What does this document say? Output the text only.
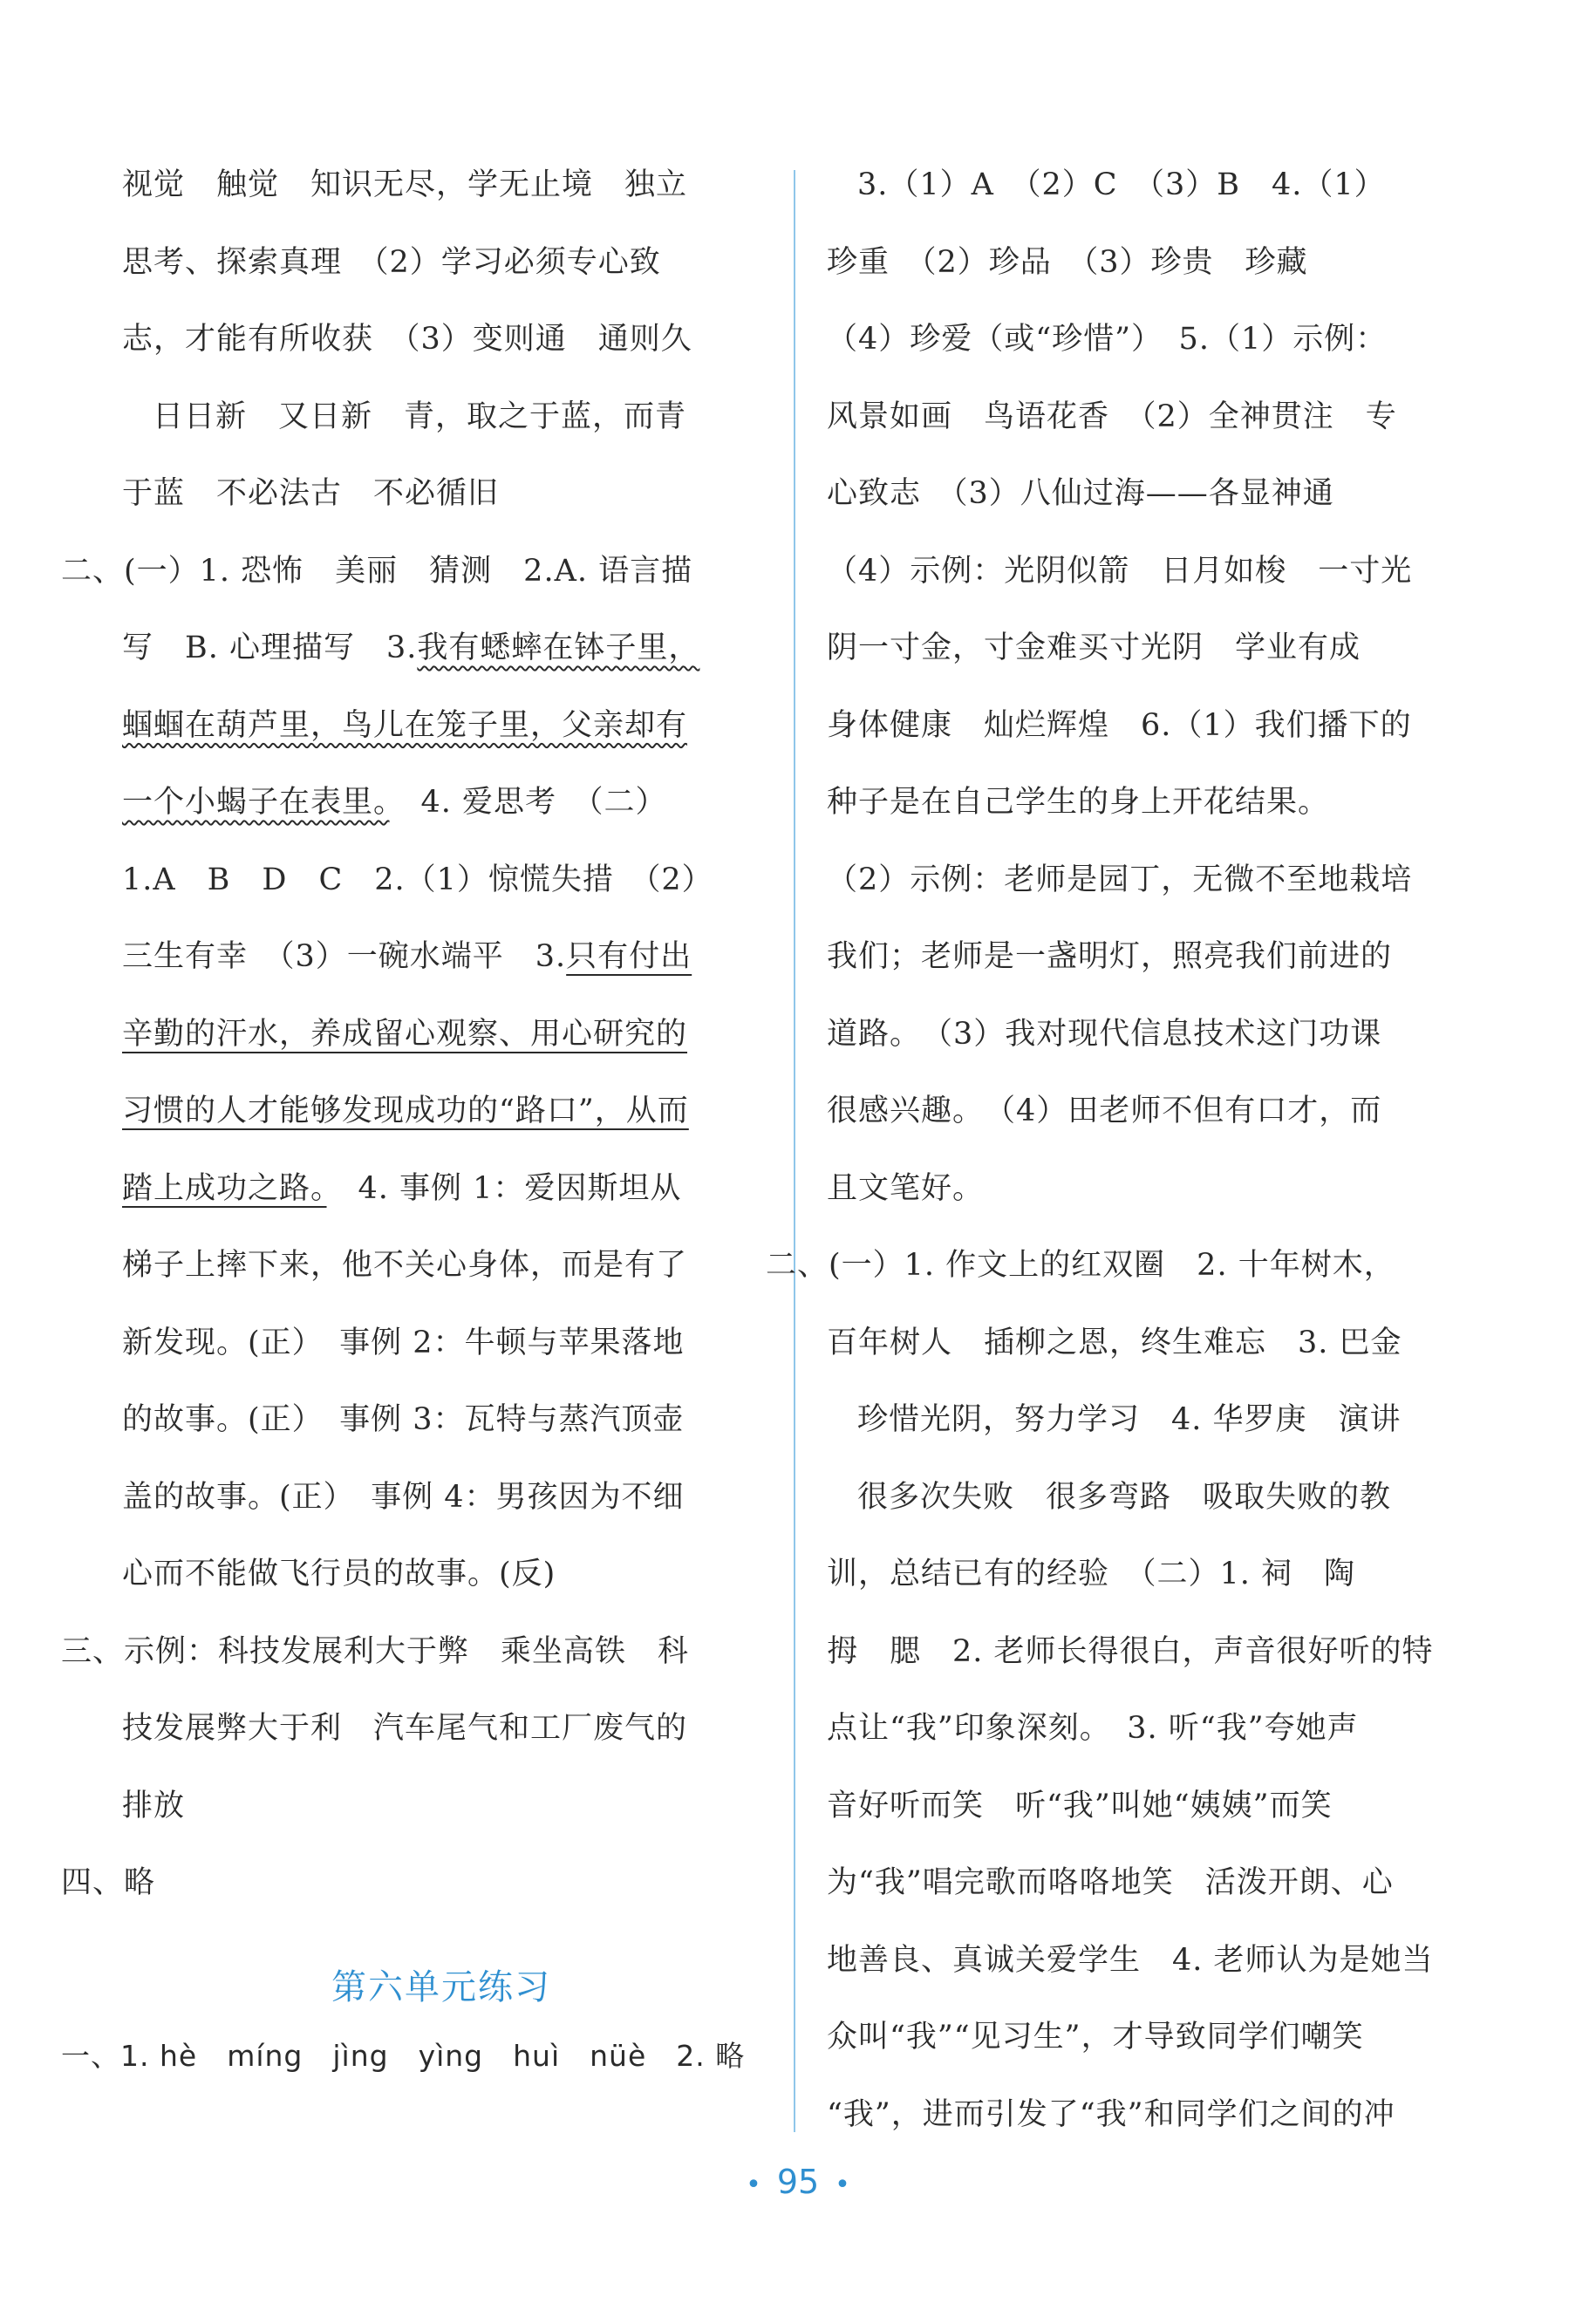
视觉　触觉　知识无尽，学无止境　独立
思考、探索真理　（2）学习必须专心致
志，才能有所收获　（3）变则通　通则久
日日新　又日新　青，取之于蓝，而青
于蓝　不必法古　不必循旧
二、(一）1. 恐怖　美丽　猜测　2.A. 语言描
写　B. 心理描写　3.我有蟋蟀在钵子里，
蝈蝈在葫芦里，鸟儿在笼子里，父亲却有
一个小蝎子在表里。　4. 爱思考　（二）
1.A　B　D　C　2.（1）惊慌失措　（2）
三生有幸　（3）一碗水端平　3.只有付出
辛勤的汗水，养成留心观察、用心研究的
习惯的人才能够发现成功的“路口”，从而
踏上成功之路。　4. 事例 1：爱因斯坦从
梯子上摔下来，他不关心身体，而是有了
新发现。(正）　事例 2：牛顿与苹果落地
的故事。(正）　事例 3：瓦特与蒸汽顶壶
盖的故事。(正）　事例 4：男孩因为不细
心而不能做飞行员的故事。(反)
三、示例：科技发展利大于弊　乘坐高铁　科
技发展弊大于利　汽车尾气和工厂废气的
排放
四、略
第六单元练习
一、1. hè　míng　jìng　yìng　huì　nüè　2. 略
3.（1）A　（2）C　（3）B　4.（1）
珍重　（2）珍品　（3）珍贵　珍藏
（4）珍爱（或“珍惜”）　5.（1）示例：
风景如画　鸟语花香　（2）全神贯注　专
心致志　（3）八仙过海——各显神通
（4）示例：光阴似箭　日月如梭　一寸光
阴一寸金，寸金难买寸光阴　学业有成
身体健康　灿烂辉煌　6.（1）我们播下的
种子是在自己学生的身上开花结果。
（2）示例：老师是园丁，无微不至地栽培
我们；老师是一盏明灯，照亮我们前进的
道路。　（3）我对现代信息技术这门功课
很感兴趣。　（4）田老师不但有口才，而
且文笔好。
二、(一）1. 作文上的红双圈　2. 十年树木，
百年树人　插柳之恩，终生难忘　3. 巴金
珍惜光阴，努力学习　4. 华罗庚　演讲
很多次失败　很多弯路　吸取失败的教
训，总结已有的经验　（二）1. 祠　陶
拇　腮　2. 老师长得很白，声音很好听的特
点让“我”印象深刻。　3. 听“我”夸她声
音好听而笑　听“我”叫她“姨姨”而笑
为“我”唱完歌而咯咯地笑　活泼开朗、心
地善良、真诚关爱学生　4. 老师认为是她当
众叫“我”“见习生”，才导致同学们嘲笑
“我”，进而引发了“我”和同学们之间的冲
• 95 •
